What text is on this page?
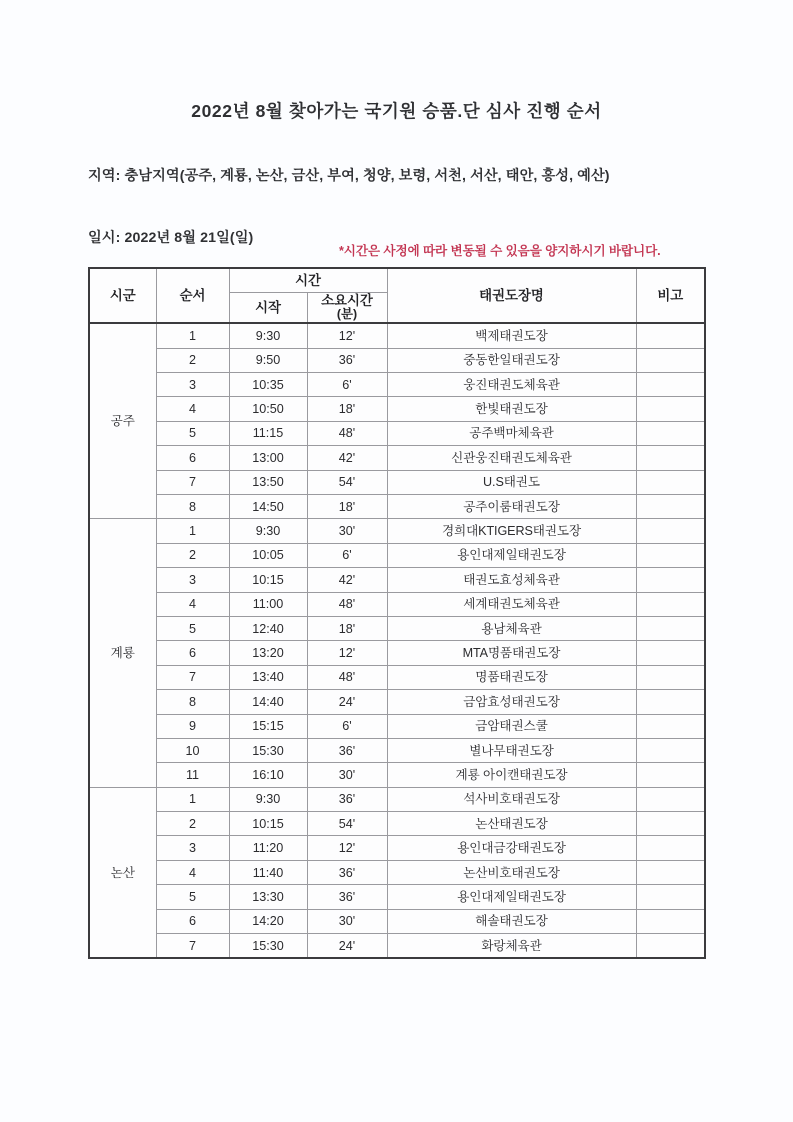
2022년 8월 찾아가는 국기원 승품.단 심사 진행 순서
지역: 충남지역(공주, 계룡, 논산, 금산, 부여, 청양, 보령, 서천, 서산, 태안, 홍성, 예산)
일시: 2022년 8월 21일(일)
*시간은 사정에 따라 변동될 수 있음을 양지하시기 바랍니다.
시군	순서	시간		태권도장명	비고
		시작	소요시간
(분)		

공주	1	9:30	12'	백제태권도장	
	2	9:50	36'	중동한일태권도장	
	3	10:35	6'	웅진태권도체육관	
	4	10:50	18'	한빛태권도장	
	5	11:15	48'	공주백마체육관	
	6	13:00	42'	신관웅진태권도체육관	
	7	13:50	54'	U.S태권도	
	8	14:50	18'	공주이룸태권도장	
계룡	1	9:30	30'	경희대KTIGERS태권도장	
	2	10:05	6'	용인대제일태권도장	
	3	10:15	42'	태권도효성체육관	
	4	11:00	48'	세계태권도체육관	
	5	12:40	18'	용남체육관	
	6	13:20	12'	MTA명품태권도장	
	7	13:40	48'	명품태권도장	
	8	14:40	24'	금암효성태권도장	
	9	15:15	6'	금암태권스쿨	
	10	15:30	36'	별나무태권도장	
	11	16:10	30'	계룡 아이캔태권도장	
논산	1	9:30	36'	석사비호태권도장	
	2	10:15	54'	논산태권도장	
	3	11:20	12'	용인대금강태권도장	
	4	11:40	36'	논산비호태권도장	
	5	13:30	36'	용인대제일태권도장	
	6	14:20	30'	해솔태권도장	
	7	15:30	24'	화랑체육관	
